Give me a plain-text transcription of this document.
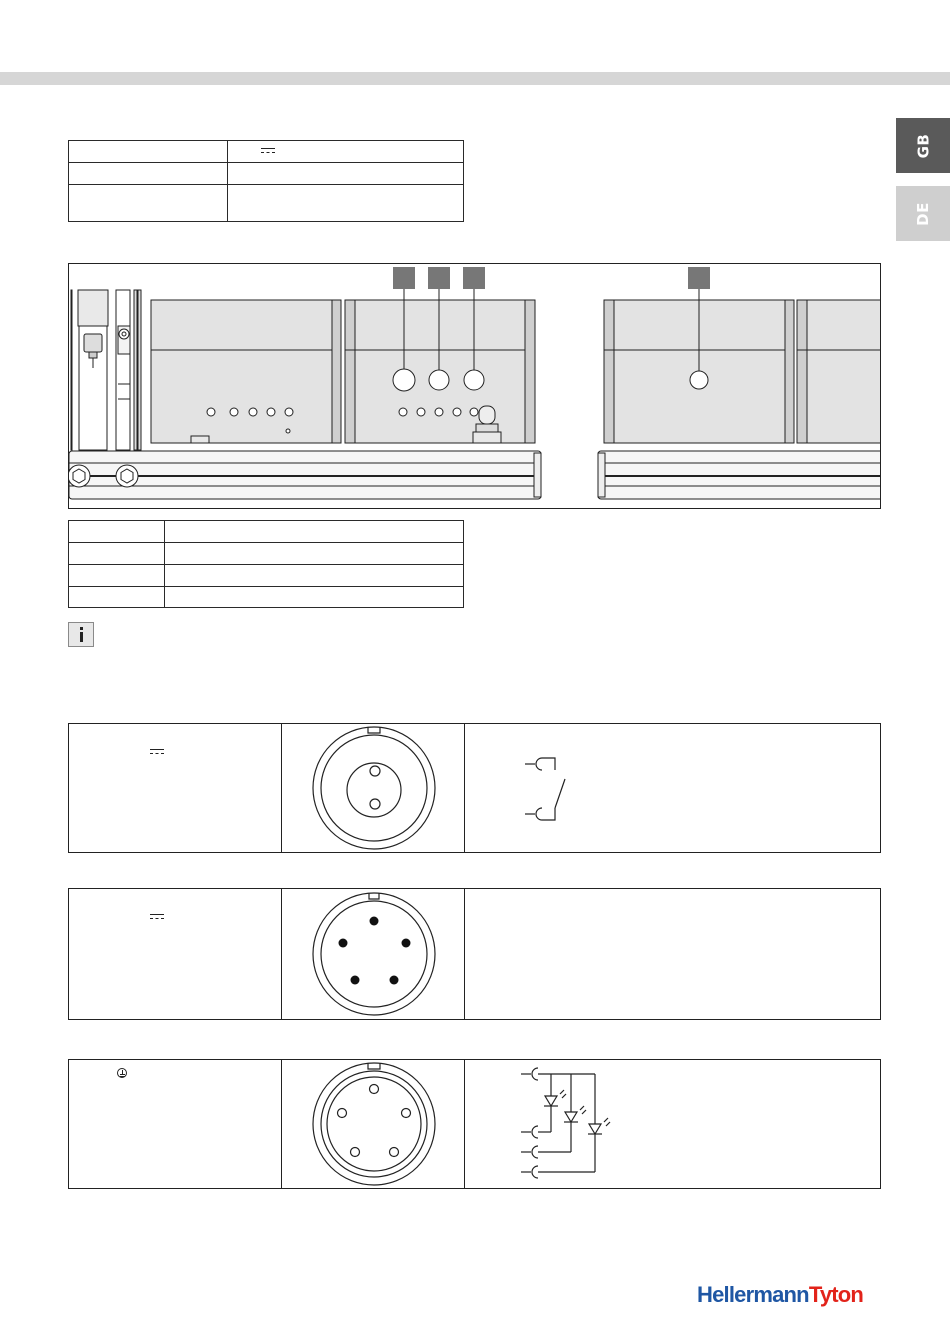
GB
DE

HellermannTyton
